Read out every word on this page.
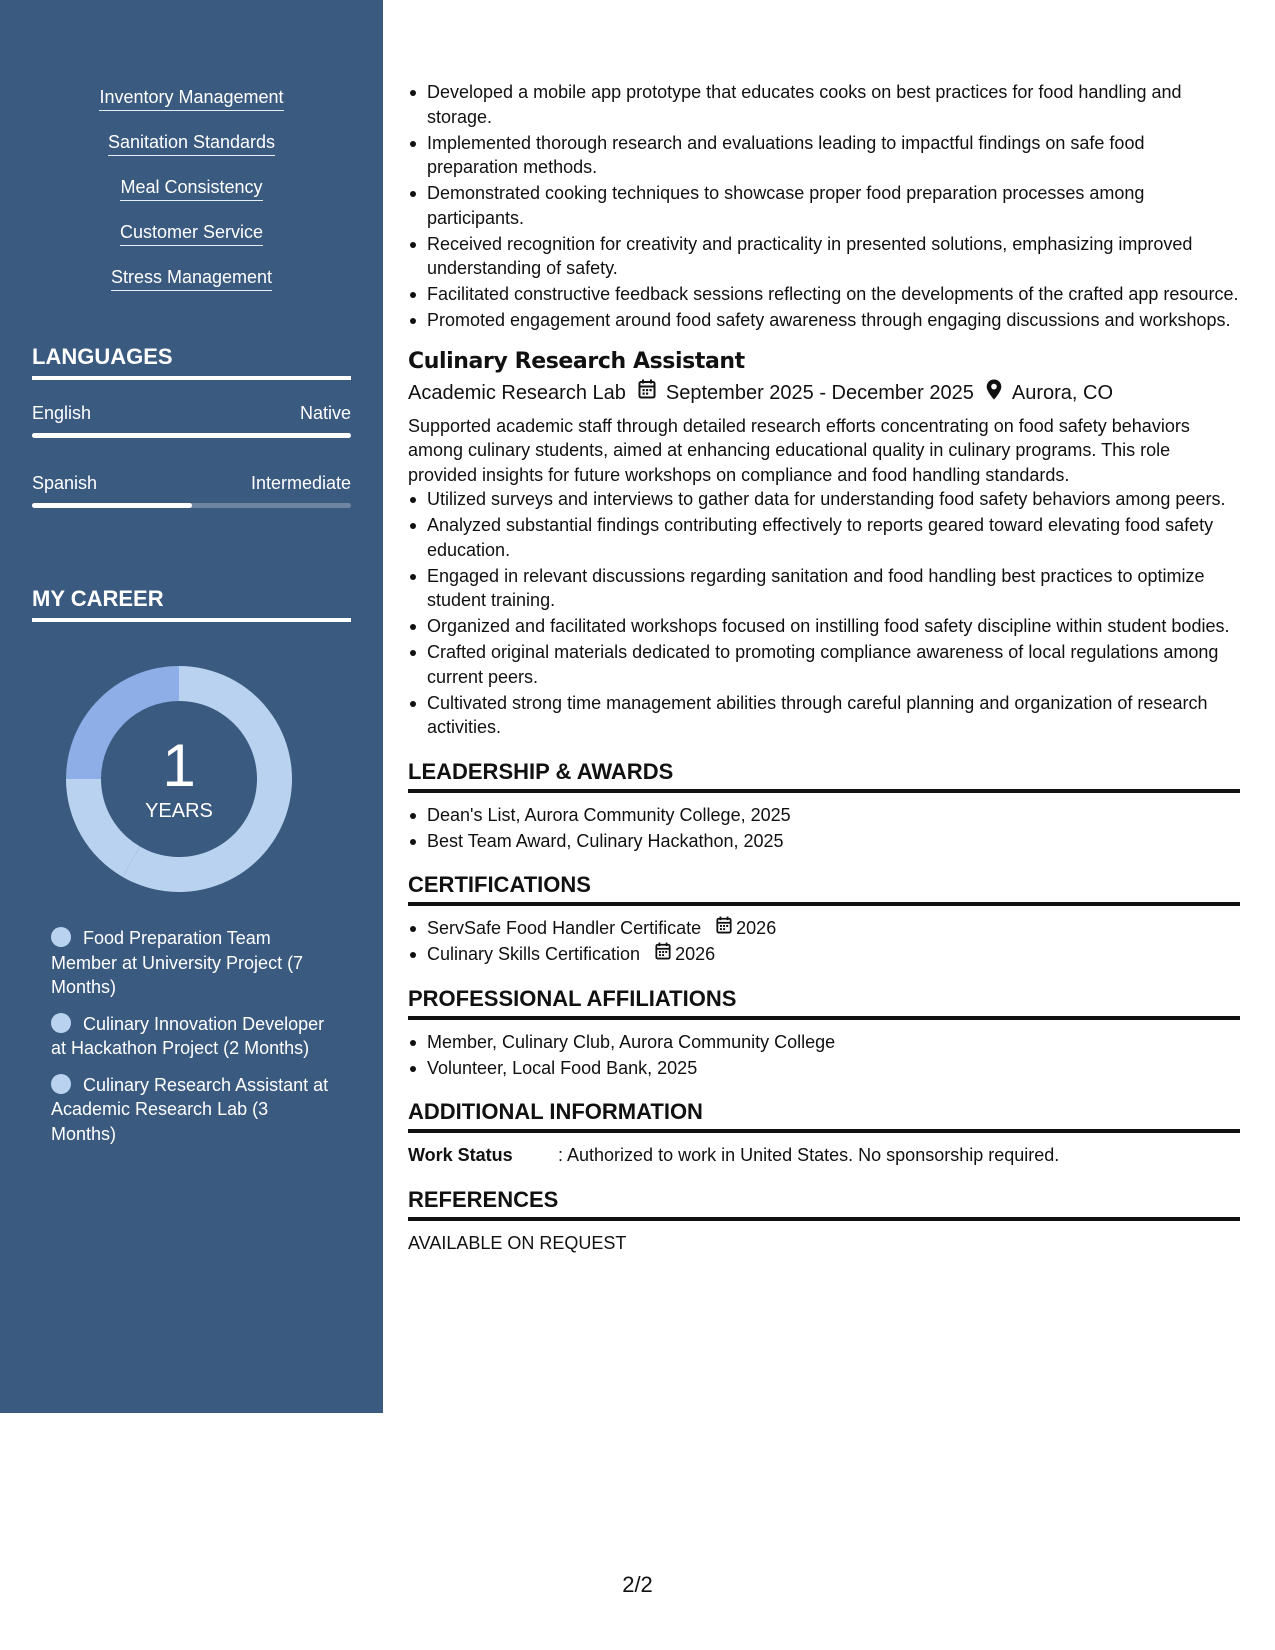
Inventory Management
Sanitation Standards
Meal Consistency
Customer Service
Stress Management
LANGUAGES
English	Native
Spanish	Intermediate
MY CAREER
1
YEARS
Food Preparation Team Member at University Project (7 Months)
Culinary Innovation Developer at Hackathon Project (2 Months)
Culinary Research Assistant at Academic Research Lab (3 Months)
Developed a mobile app prototype that educates cooks on best practices for food handling and storage.
Implemented thorough research and evaluations leading to impactful findings on safe food preparation methods.
Demonstrated cooking techniques to showcase proper food preparation processes among participants.
Received recognition for creativity and practicality in presented solutions, emphasizing improved understanding of safety.
Facilitated constructive feedback sessions reflecting on the developments of the crafted app resource.
Promoted engagement around food safety awareness through engaging discussions and workshops.
Culinary Research Assistant
Academic Research Lab September 2025 - December 2025 Aurora, CO
Supported academic staff through detailed research efforts concentrating on food safety behaviors among culinary students, aimed at enhancing educational quality in culinary programs. This role provided insights for future workshops on compliance and food handling standards.
Utilized surveys and interviews to gather data for understanding food safety behaviors among peers.
Analyzed substantial findings contributing effectively to reports geared toward elevating food safety education.
Engaged in relevant discussions regarding sanitation and food handling best practices to optimize student training.
Organized and facilitated workshops focused on instilling food safety discipline within student bodies.
Crafted original materials dedicated to promoting compliance awareness of local regulations among current peers.
Cultivated strong time management abilities through careful planning and organization of research activities.
LEADERSHIP & AWARDS
Dean's List, Aurora Community College, 2025
Best Team Award, Culinary Hackathon, 2025
CERTIFICATIONS
ServSafe Food Handler Certificate 2026
Culinary Skills Certification 2026
PROFESSIONAL AFFILIATIONS
Member, Culinary Club, Aurora Community College
Volunteer, Local Food Bank, 2025
ADDITIONAL INFORMATION
Work Status	: Authorized to work in United States. No sponsorship required.
REFERENCES
AVAILABLE ON REQUEST
2/2
